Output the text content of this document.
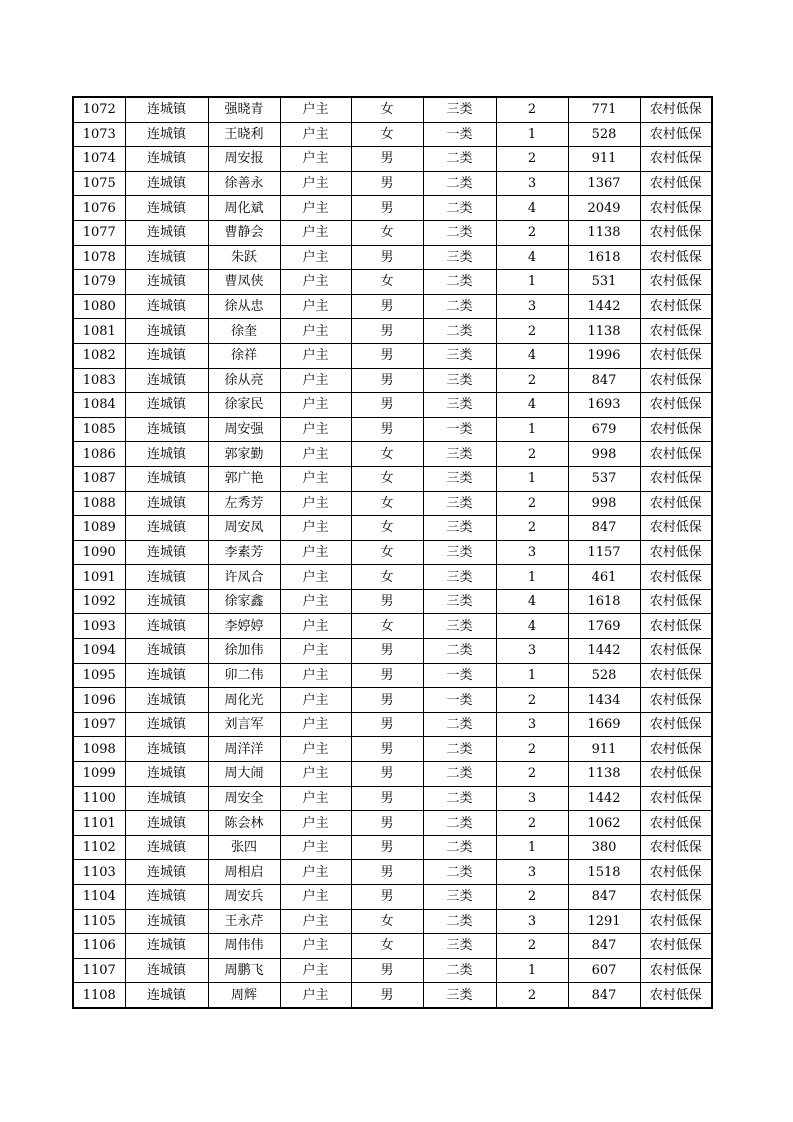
1072	连城镇	强晓青	户主	女	三类	2	771	农村低保
1073	连城镇	王晓利	户主	女	一类	1	528	农村低保
1074	连城镇	周安报	户主	男	二类	2	911	农村低保
1075	连城镇	徐善永	户主	男	二类	3	1367	农村低保
1076	连城镇	周化斌	户主	男	二类	4	2049	农村低保
1077	连城镇	曹静会	户主	女	二类	2	1138	农村低保
1078	连城镇	朱跃	户主	男	三类	4	1618	农村低保
1079	连城镇	曹凤侠	户主	女	二类	1	531	农村低保
1080	连城镇	徐从忠	户主	男	二类	3	1442	农村低保
1081	连城镇	徐奎	户主	男	二类	2	1138	农村低保
1082	连城镇	徐祥	户主	男	三类	4	1996	农村低保
1083	连城镇	徐从亮	户主	男	三类	2	847	农村低保
1084	连城镇	徐家民	户主	男	三类	4	1693	农村低保
1085	连城镇	周安强	户主	男	一类	1	679	农村低保
1086	连城镇	郭家勤	户主	女	三类	2	998	农村低保
1087	连城镇	郭广艳	户主	女	三类	1	537	农村低保
1088	连城镇	左秀芳	户主	女	三类	2	998	农村低保
1089	连城镇	周安凤	户主	女	三类	2	847	农村低保
1090	连城镇	李素芳	户主	女	三类	3	1157	农村低保
1091	连城镇	许凤合	户主	女	三类	1	461	农村低保
1092	连城镇	徐家鑫	户主	男	三类	4	1618	农村低保
1093	连城镇	李婷婷	户主	女	三类	4	1769	农村低保
1094	连城镇	徐加伟	户主	男	二类	3	1442	农村低保
1095	连城镇	卯二伟	户主	男	一类	1	528	农村低保
1096	连城镇	周化光	户主	男	一类	2	1434	农村低保
1097	连城镇	刘言军	户主	男	二类	3	1669	农村低保
1098	连城镇	周洋洋	户主	男	二类	2	911	农村低保
1099	连城镇	周大闹	户主	男	二类	2	1138	农村低保
1100	连城镇	周安全	户主	男	二类	3	1442	农村低保
1101	连城镇	陈会林	户主	男	二类	2	1062	农村低保
1102	连城镇	张四	户主	男	二类	1	380	农村低保
1103	连城镇	周相启	户主	男	二类	3	1518	农村低保
1104	连城镇	周安兵	户主	男	三类	2	847	农村低保
1105	连城镇	王永芹	户主	女	二类	3	1291	农村低保
1106	连城镇	周伟伟	户主	女	三类	2	847	农村低保
1107	连城镇	周鹏飞	户主	男	二类	1	607	农村低保
1108	连城镇	周辉	户主	男	三类	2	847	农村低保
